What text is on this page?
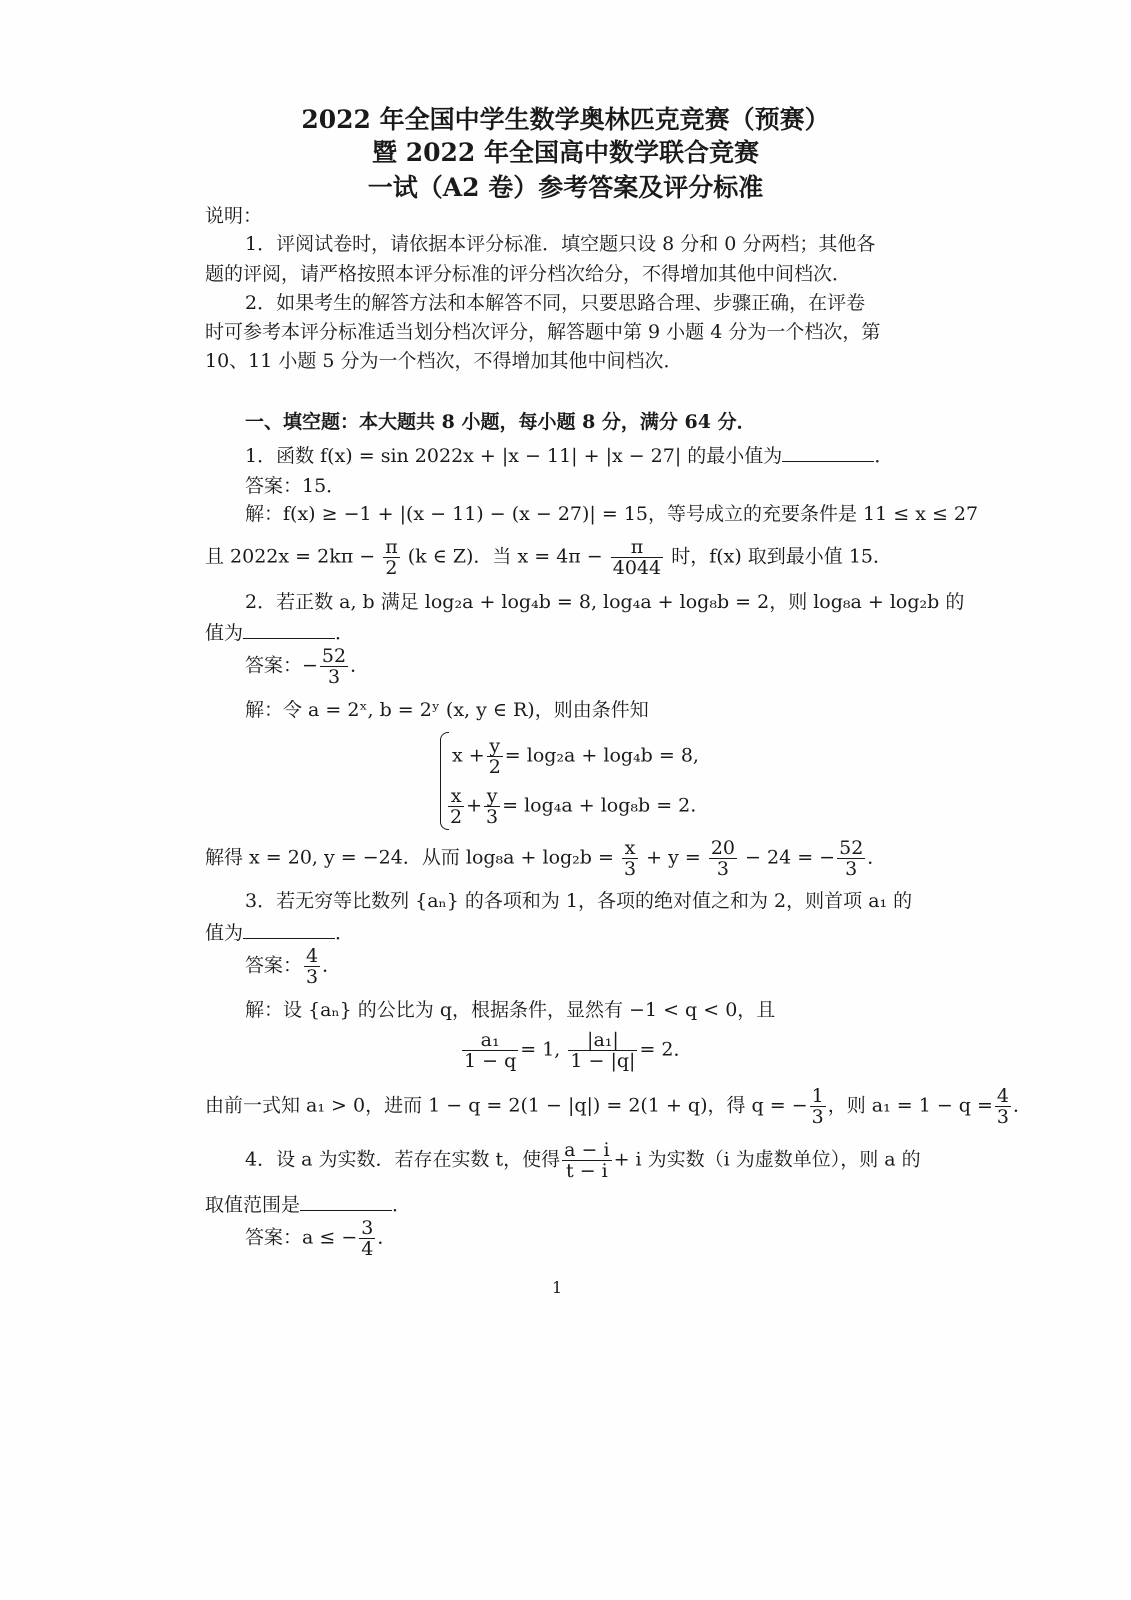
2022 年全国中学生数学奥林匹克竞赛（预赛）
暨 2022 年全国高中数学联合竞赛
一试（A2 卷）参考答案及评分标准
说明：
1．评阅试卷时，请依据本评分标准．填空题只设 8 分和 0 分两档；其他各
题的评阅，请严格按照本评分标准的评分档次给分，不得增加其他中间档次．
2．如果考生的解答方法和本解答不同，只要思路合理、步骤正确，在评卷
时可参考本评分标准适当划分档次评分，解答题中第 9 小题 4 分为一个档次，第
10、11 小题 5 分为一个档次，不得增加其他中间档次．
一、填空题：本大题共 8 小题，每小题 8 分，满分 64 分．
1．函数 f(x) = sin 2022x + |x − 11| + |x − 27| 的最小值为	．
答案：15．
解：f(x) ≥ −1 + |(x − 11) − (x − 27)| = 15，等号成立的充要条件是 11 ≤ x ≤ 27
且 $2022x = 2k\pi - \frac{\pi}{2} (k$ ∈ Z)．当 $x = 4\pi - \frac{\pi}{4044}$ 时，f(x) 取到最小值 15．
2．若正数 a, b 满足 log₂a + log₄b = 8, log₄a + log₈b = 2，则 log₈a + log₂b 的
值为	．
答案：− $\frac{52}{3}$ ．
解：令 a = 2ˣ, b = 2ʸ (x, y ∈ R)，则由条件知
$x + \frac{y}{2} = \log_2a + \log_4b = 8$,
$\frac{x}{2} + \frac{y}{3} = \log_4a + \log_8b = 2$.
解得 x = 20, y = −24．从而 $\log_8a + \log_2b = \frac{x}{3} + y = \frac{20}{3} - 24$ = − $\frac{52}{3}$ ．
3．若无穷等比数列 {aₙ} 的各项和为 1，各项的绝对值之和为 2，则首项 a₁ 的
值为	．
答案： $\frac{4}{3}$ ．
解：设 {aₙ} 的公比为 q，根据条件，显然有 −1 < q < 0，且
$\frac{\text{a₁}}{1 - q} = 1$, $\frac{\text{|a₁|}}{1 - |q|} = 2$．
由前一式知 a₁ > 0，进而 1 − q = 2(1 − |q|) = 2(1 + q)，得 q = − $\frac{1}{3}$ ，则 $a_1 = 1 - q = \frac{4}{3}$ ．
4．设 a 为实数．若存在实数 t，使得 $\frac{a - i}{t - i} + i$ 为实数（i 为虚数单位），则 a 的
取值范围是	．
答案：a ≤ − $\frac{3}{4}$ ．
1
